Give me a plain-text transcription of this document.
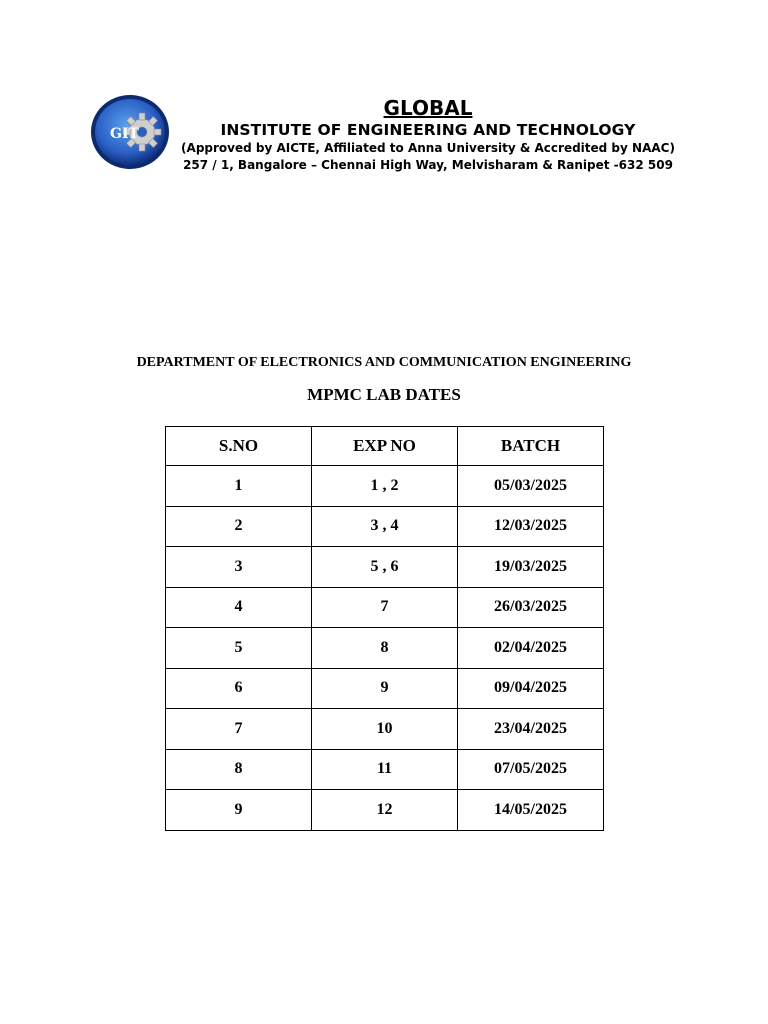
GIT
GLOBAL
INSTITUTE OF ENGINEERING AND TECHNOLOGY
(Approved by AICTE, Affiliated to Anna University & Accredited by NAAC)
257 / 1, Bangalore – Chennai High Way, Melvisharam & Ranipet -632 509
DEPARTMENT OF ELECTRONICS AND COMMUNICATION ENGINEERING
MPMC LAB DATES
S.NO	EXP NO	BATCH
1	1 , 2	05/03/2025
2	3 , 4	12/03/2025
3	5 , 6	19/03/2025
4	7	26/03/2025
5	8	02/04/2025
6	9	09/04/2025
7	10	23/04/2025
8	11	07/05/2025
9	12	14/05/2025
